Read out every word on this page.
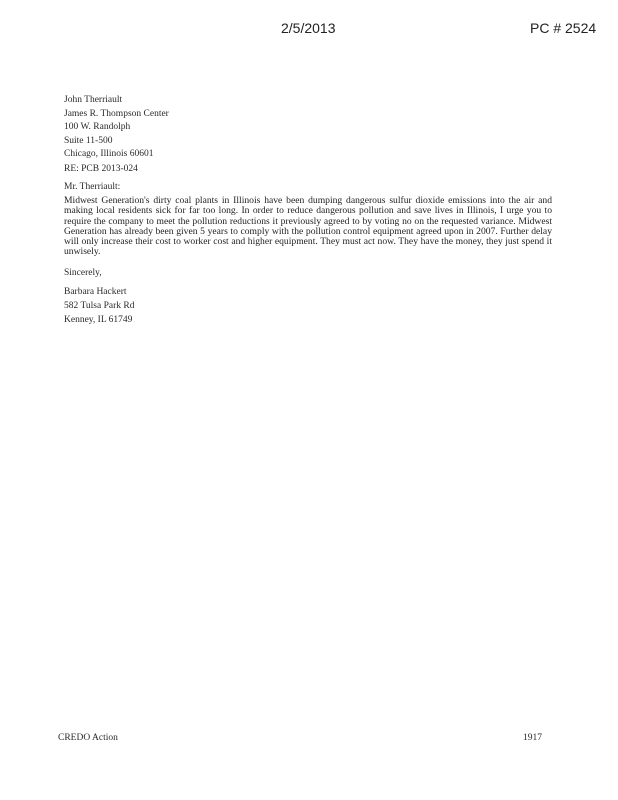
2/5/2013	PC # 2524
John Therriault
James R. Thompson Center
100 W. Randolph
Suite 11-500
Chicago, Illinois 60601
RE: PCB 2013-024
Mr. Therriault:
Midwest Generation's dirty coal plants in Illinois have been dumping dangerous sulfur dioxide emissions into the air and making local residents sick for far too long. In order to reduce dangerous pollution and save lives in Illinois, I urge you to require the company to meet the pollution reductions it previously agreed to by voting no on the requested variance. Midwest Generation has already been given 5 years to comply with the pollution control equipment agreed upon in 2007. Further delay will only increase their cost to worker cost and higher equipment. They must act now. They have the money, they just spend it unwisely.
Sincerely,
Barbara Hackert
582 Tulsa Park Rd
Kenney, IL 61749
CREDO Action	1917
